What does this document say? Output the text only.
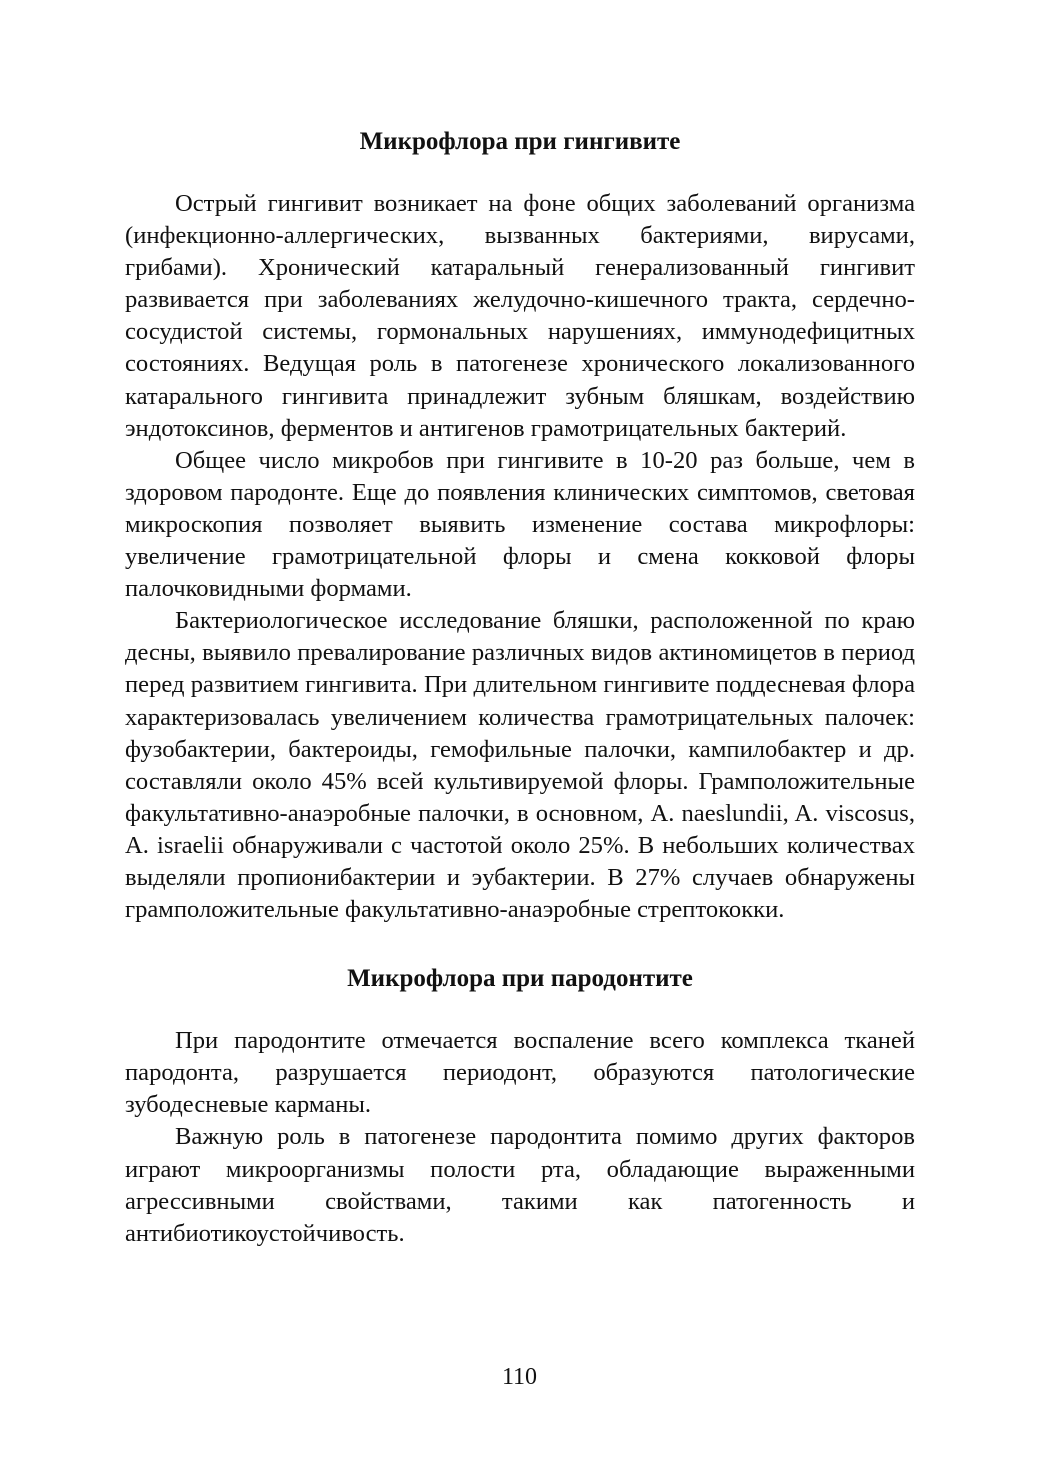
Микрофлора при гингивите

Острый гингивит возникает на фоне общих заболеваний организма (инфекционно-аллергических, вызванных бактериями, вирусами, грибами). Хронический катаральный генерализованный гингивит развивается при заболеваниях желудочно-кишечного тракта, сердечно-сосудистой системы, гормональных нарушениях, иммунодефицитных состояниях. Ведущая роль в патогенезе хронического локализованного катарального гингивита принадлежит зубным бляшкам, воздействию эндотоксинов, ферментов и антигенов грамотрицательных бактерий.

Общее число микробов при гингивите в 10-20 раз больше, чем в здоровом пародонте. Еще до появления клинических симптомов, световая микроскопия позволяет выявить изменение состава микрофлоры: увеличение грамотрицательной флоры и смена кокковой флоры палочковидными формами.

Бактериологическое исследование бляшки, расположенной по краю десны, выявило превалирование различных видов актиномицетов в период перед развитием гингивита. При длительном гингивите поддесневая флора характеризовалась увеличением количества грамотрицательных палочек: фузобактерии, бактероиды, гемофильные палочки, кампилобактер и др. составляли около 45% всей культивируемой флоры. Грамположительные факультативно-анаэробные палочки, в основном, A. naeslundii, A. viscosus, A. israelii обнаруживали с частотой около 25%. В небольших количествах выделяли пропионибактерии и эубактерии. В 27% случаев обнаружены грамположительные факультативно-анаэробные стрептококки.

Микрофлора при пародонтите

При пародонтите отмечается воспаление всего комплекса тканей пародонта, разрушается периодонт, образуются патологические зубодесневые карманы.

Важную роль в патогенезе пародонтита помимо других факторов играют микроорганизмы полости рта, обладающие выраженными агрессивными свойствами, такими как патогенность и антибиотикоустойчивость.

110
